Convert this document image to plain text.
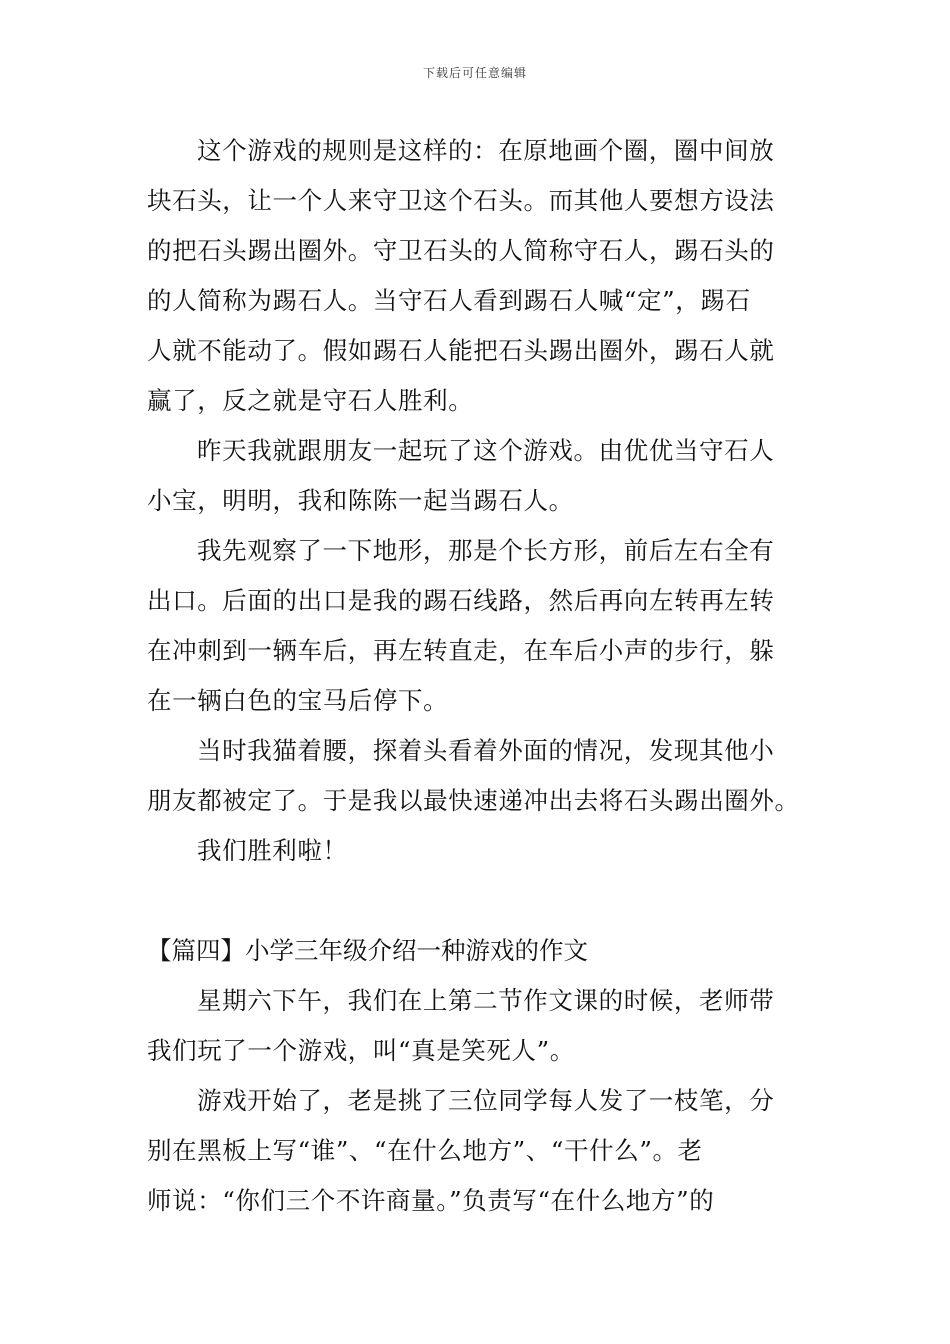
下载后可任意编辑
这个游戏的规则是这样的：在原地画个圈，圈中间放
块石头，让一个人来守卫这个石头。而其他人要想方设法
的把石头踢出圈外。守卫石头的人简称守石人，踢石头的
的人简称为踢石人。当守石人看到踢石人喊“定”，踢石
人就不能动了。假如踢石人能把石头踢出圈外，踢石人就
赢了，反之就是守石人胜利。
昨天我就跟朋友一起玩了这个游戏。由优优当守石人
小宝，明明，我和陈陈一起当踢石人。
我先观察了一下地形，那是个长方形，前后左右全有
出口。后面的出口是我的踢石线路，然后再向左转再左转
在冲刺到一辆车后，再左转直走，在车后小声的步行，躲
在一辆白色的宝马后停下。
当时我猫着腰，探着头看着外面的情况，发现其他小
朋友都被定了。于是我以最快速递冲出去将石头踢出圈外。
我们胜利啦！
【篇四】小学三年级介绍一种游戏的作文
星期六下午，我们在上第二节作文课的时候，老师带
我们玩了一个游戏，叫“真是笑死人”。
游戏开始了，老是挑了三位同学每人发了一枝笔，分
别在黑板上写“谁”、“在什么地方”、“干什么”。老
师说：“你们三个不许商量。”负责写“在什么地方”的
